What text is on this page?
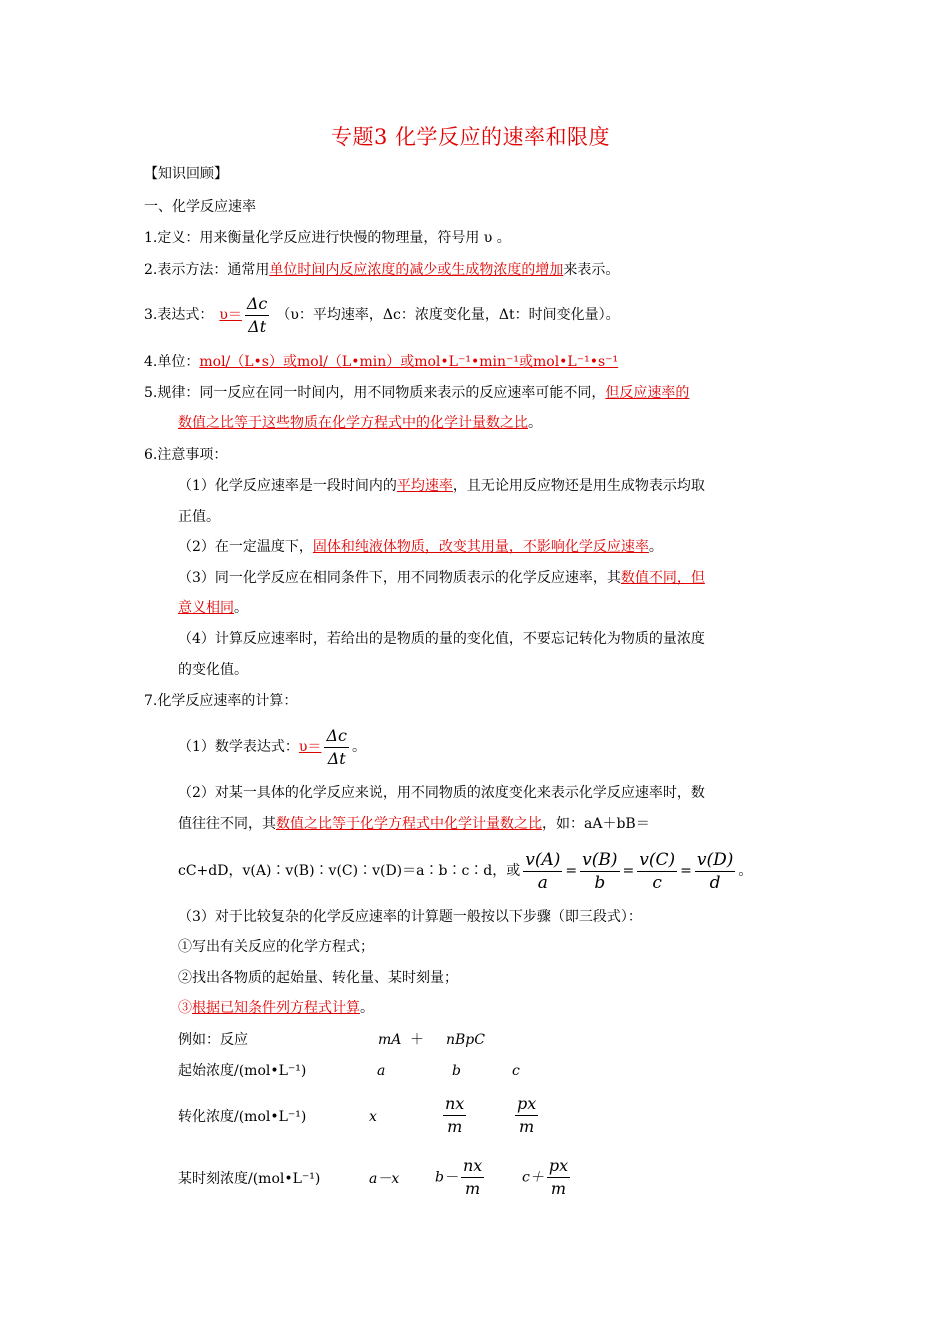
专题3 化学反应的速率和限度
【知识回顾】
一、化学反应速率
1.定义：用来衡量化学反应进行快慢的物理量，符号用 υ 。
2.表示方法：通常用单位时间内反应浓度的减少或生成物浓度的增加来表示。
3.表达式： $\upsilon= \frac{\Delta c}{\Delta t} (\upsilon$：平均速率，Δc：浓度变化量，Δt：时间变化量）。
4.单位：mol/（L•s）或mol/（L•min）或mol•L⁻¹•min⁻¹或mol•L⁻¹•s⁻¹
5.规律：同一反应在同一时间内，用不同物质来表示的反应速率可能不同，但反应速率的
数值之比等于这些物质在化学方程式中的化学计量数之比。
6.注意事项：
（1）化学反应速率是一段时间内的平均速率，且无论用反应物还是用生成物表示均取
正值。
（2）在一定温度下，固体和纯液体物质，改变其用量，不影响化学反应速率。
（3）同一化学反应在相同条件下，用不同物质表示的化学反应速率，其数值不同，但
意义相同。
（4）计算反应速率时，若给出的是物质的量的变化值，不要忘记转化为物质的量浓度
的变化值。
7.化学反应速率的计算：
（1）数学表达式：$\upsilon= \frac{\Delta c}{\Delta t}$ 。
（2）对某一具体的化学反应来说，用不同物质的浓度变化来表示化学反应速率时，数
值往往不同，其数值之比等于化学方程式中化学计量数之比，如：aA＋bB＝
cC+dD，v(A)∶v(B)∶v(C)∶v(D)＝a∶b∶c∶d，或 $\frac{v(A)}{a} = \frac{v(B)}{b} = \frac{v(C)}{c} = \frac{v(D)}{d}$ 。
（3）对于比较复杂的化学反应速率的计算题一般按以下步骤（即三段式）：
①写出有关反应的化学方程式；
②找出各物质的起始量、转化量、某时刻量；
③根据已知条件列方程式计算。
例如：反应	mA ＋ nBpC
起始浓度/(mol•L⁻¹)	a	b	c
转化浓度/(mol•L⁻¹)	x	$\frac{nx}{m}$	$\frac{px}{m}$
某时刻浓度/(mol•L⁻¹)	a－x	$b- \frac{nx}{m}$	$c+ \frac{px}{m}$
